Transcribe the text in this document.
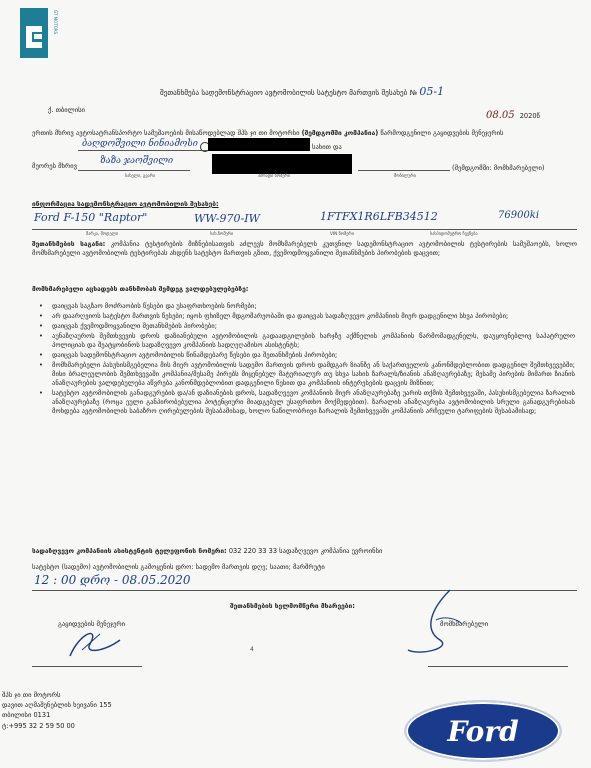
GT MOTORS
შეთანხმება სადემონსტრაციო ავტომობილის სატესტო მართვის შესახებ № 05-1
ქ. თბილისი	08.05 2020წ
ერთის მხრივ ავტოსატრანსპორტო სამუშაოების მისაწოდებლად შპს ჯი თი მოტორსი (შემდგომში კომპანია) წარმოდგენილი გაყიდვების მენეჯერის
ბაღდოშვილი ნინიამოსი	სახით და
მეორეს მხრივ	ზაზა ჯაოშვილი
(შემდგომში: მომხმარებელი)
სახელი, გვარი	პირადი ნომერი	მობილური
ინფორმაცია სადემონსტრაციო ავტომობილის შესახებ:
Ford F-150 "Raptor"	WW-970-IW	1FTFX1R6LFB34512	76900ki
მარკა, მოდელი	სახ.ნომერი	VIN ნომერი	სასპიდომეტრო ჩვენება
შეთანხმების საგანი: კომპანია ტესტირების მიზნებისათვის აძლევს მომხმარებელს კუთვნილ სადემონსტრაციო ავტომობილის ტესტირების სამუშაოებს, ხოლო მომხმარებელი ავტომობილის ტესტირებას ახდენს სატესტო მართვის გზით, ქვემოდმოყვანილი შეთანხმების პირობების დაცვით;
მომხმარებელი აცხადებს თანხმობას შემდეგ ვალდებულებებზე:
• დაიცვას საგზაო მოძრაობის წესები და უსაფრთხოების ნორმები;
• არ დაარღვიოს სატესტო მართვის წესები; იყოს ფხიზელ მდგომარეობაში და დაიცვას სადაზღვევო კომპანიის მიერ დადგენილი სხვა პირობები;
• დაიცვას ქვემოდმოყვანილი შეთანხმების პირობები;
• აუნაზღაუროს შემთხვევის დროს დაზიანებული ავტომობილის გადაადგილების ხარჯზე აქმნელის კომპანიის წარმომადგენელს, დაუყოვნებლივ საპატრულო პოლიციას და შეატყობინოს სადაზღვევო კომპანიის სადღეღამისო ასისტენტს;
• დაიცვას სადემონსტრაციო ავტომობილის წინამდებარე წესები და შეთანხმების პირობები;
• მომხმარებელი პასუხისმგებელია მის მიერ ავტომობილის სადემო მართვის დროს დამდგარ ზიანზე ან საქართველოს კანონმდებლობით დადგენილ შემთხვევებში; მისი ბრალეულობის შემთხვევაში კომპანია/მესამე პირებს მიყენებულ მატერიალურ თუ სხვა სახის ზარალს/ზიანის ანაზღაურებაზე; მესამე პირების მიმართ ზიანის ანაზღაურების ვალდებულება აწვრება კანონმდებლობით დადგენილი წესით და კომპანიის ინტერესების დაცვის მიზნით;
• სატესტო ავტომობილის განადგურების და/ან დაზიანების დროს, სადაზღვევო კომპანიის მიერ ანაზღაურებაზე უარის თქმის შემთხვევაში, პასუხისმგებელია ზარალის ანაზღაურებაზე (როცა ეული განპირობებულია პოტენციური მიადგებულ უსაფრთხო მოქმედებით). ზარალის ანაზღაურება ავტომობილის სრული განადგურებისას მოხდება ავტომობილის საბაზრო ღირებულების შესაბამისად, ხოლო ნაწილობრივი ზარალის შემთხვევაში კომპანიის არჩეული ტარიფების შესაბამისად;
სადაზღვევო კომპანიის ასისტენტის ტელეფონის ნომერი: 032 220 33 33 სადაზღვევო კომპანია ევროინსი
სატესტო (სადემო) ავტომობილის გამოყენის დრო: სადემო მართვის დღე; საათი; მარშრუტი
12 : 00 დრო - 08.05.2020
შეთანხმების ხელმომწერი მხარეები:
გაყიდვების მენეჯერი	მომხმარებელი
4
შპს ჯი თი მოტორს
დავით აღმაშენებლის ხეივანი 155
თბილისი 0131
ტ:+995 32 2 59 50 00	Ford
